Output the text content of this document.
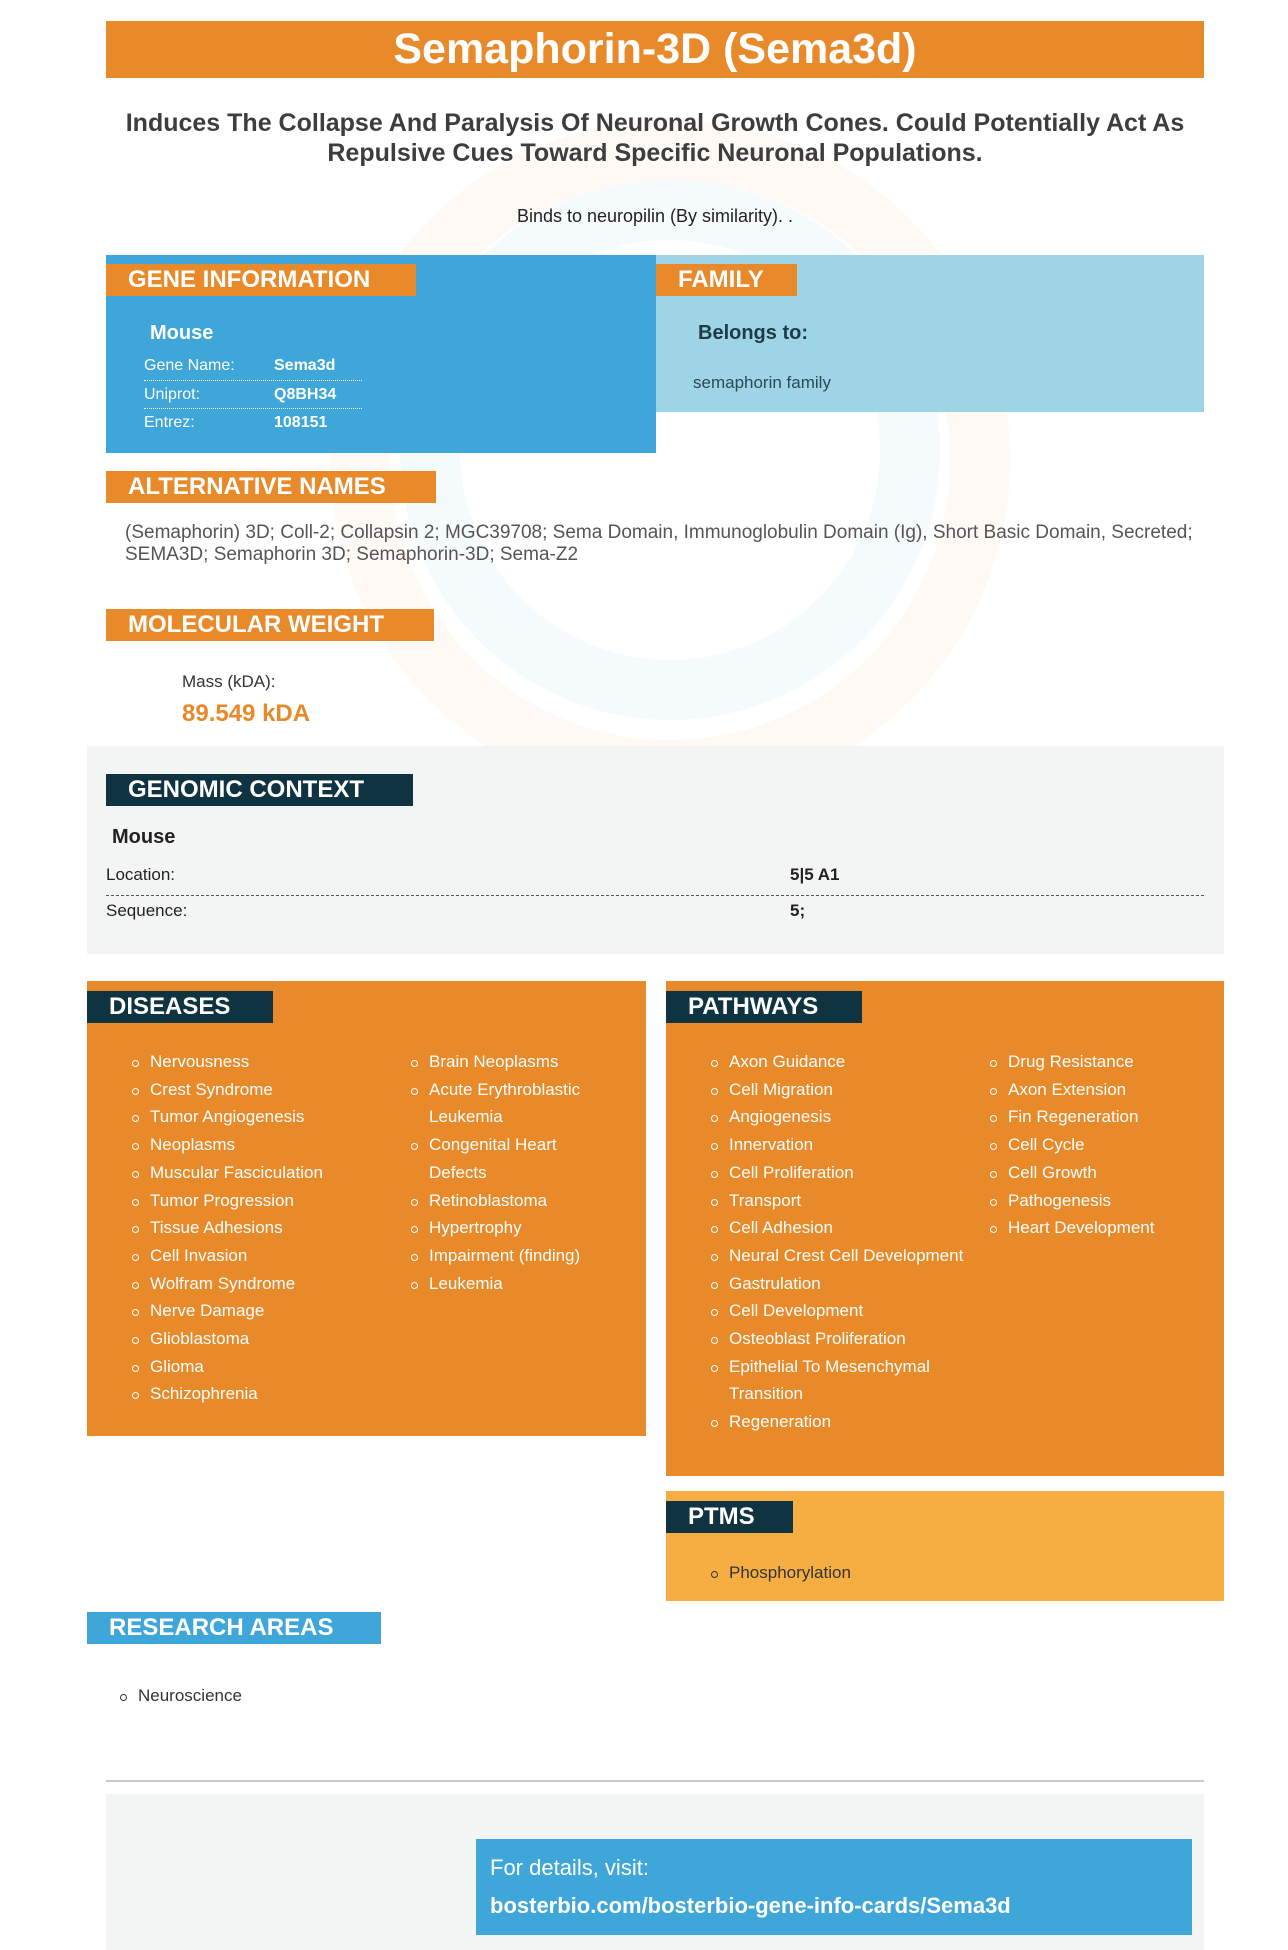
Semaphorin-3D (Sema3d)
Induces The Collapse And Paralysis Of Neuronal Growth Cones. Could Potentially Act As Repulsive Cues Toward Specific Neuronal Populations.
Binds to neuropilin (By similarity). .
GENE INFORMATION
Mouse
Gene Name:	Sema3d
Uniprot:	Q8BH34
Entrez:	108151
FAMILY
Belongs to:
semaphorin family
ALTERNATIVE NAMES
(Semaphorin) 3D; Coll-2; Collapsin 2; MGC39708; Sema Domain, Immunoglobulin Domain (Ig), Short Basic Domain, Secreted; SEMA3D; Semaphorin 3D; Semaphorin-3D; Sema-Z2
MOLECULAR WEIGHT
Mass (kDA):
89.549 kDA
GENOMIC CONTEXT
Mouse
Location:	5|5 A1
Sequence:	5;
DISEASES
Nervousness
Crest Syndrome
Tumor Angiogenesis
Neoplasms
Muscular Fasciculation
Tumor Progression
Tissue Adhesions
Cell Invasion
Wolfram Syndrome
Nerve Damage
Glioblastoma
Glioma
Schizophrenia
Brain Neoplasms
Acute Erythroblastic Leukemia
Congenital Heart Defects
Retinoblastoma
Hypertrophy
Impairment (finding)
Leukemia
PATHWAYS
Axon Guidance
Cell Migration
Angiogenesis
Innervation
Cell Proliferation
Transport
Cell Adhesion
Neural Crest Cell Development
Gastrulation
Cell Development
Osteoblast Proliferation
Epithelial To Mesenchymal Transition
Regeneration
Drug Resistance
Axon Extension
Fin Regeneration
Cell Cycle
Cell Growth
Pathogenesis
Heart Development
PTMS
Phosphorylation
RESEARCH AREAS
Neuroscience
For details, visit:
bosterbio.com/bosterbio-gene-info-cards/Sema3d
